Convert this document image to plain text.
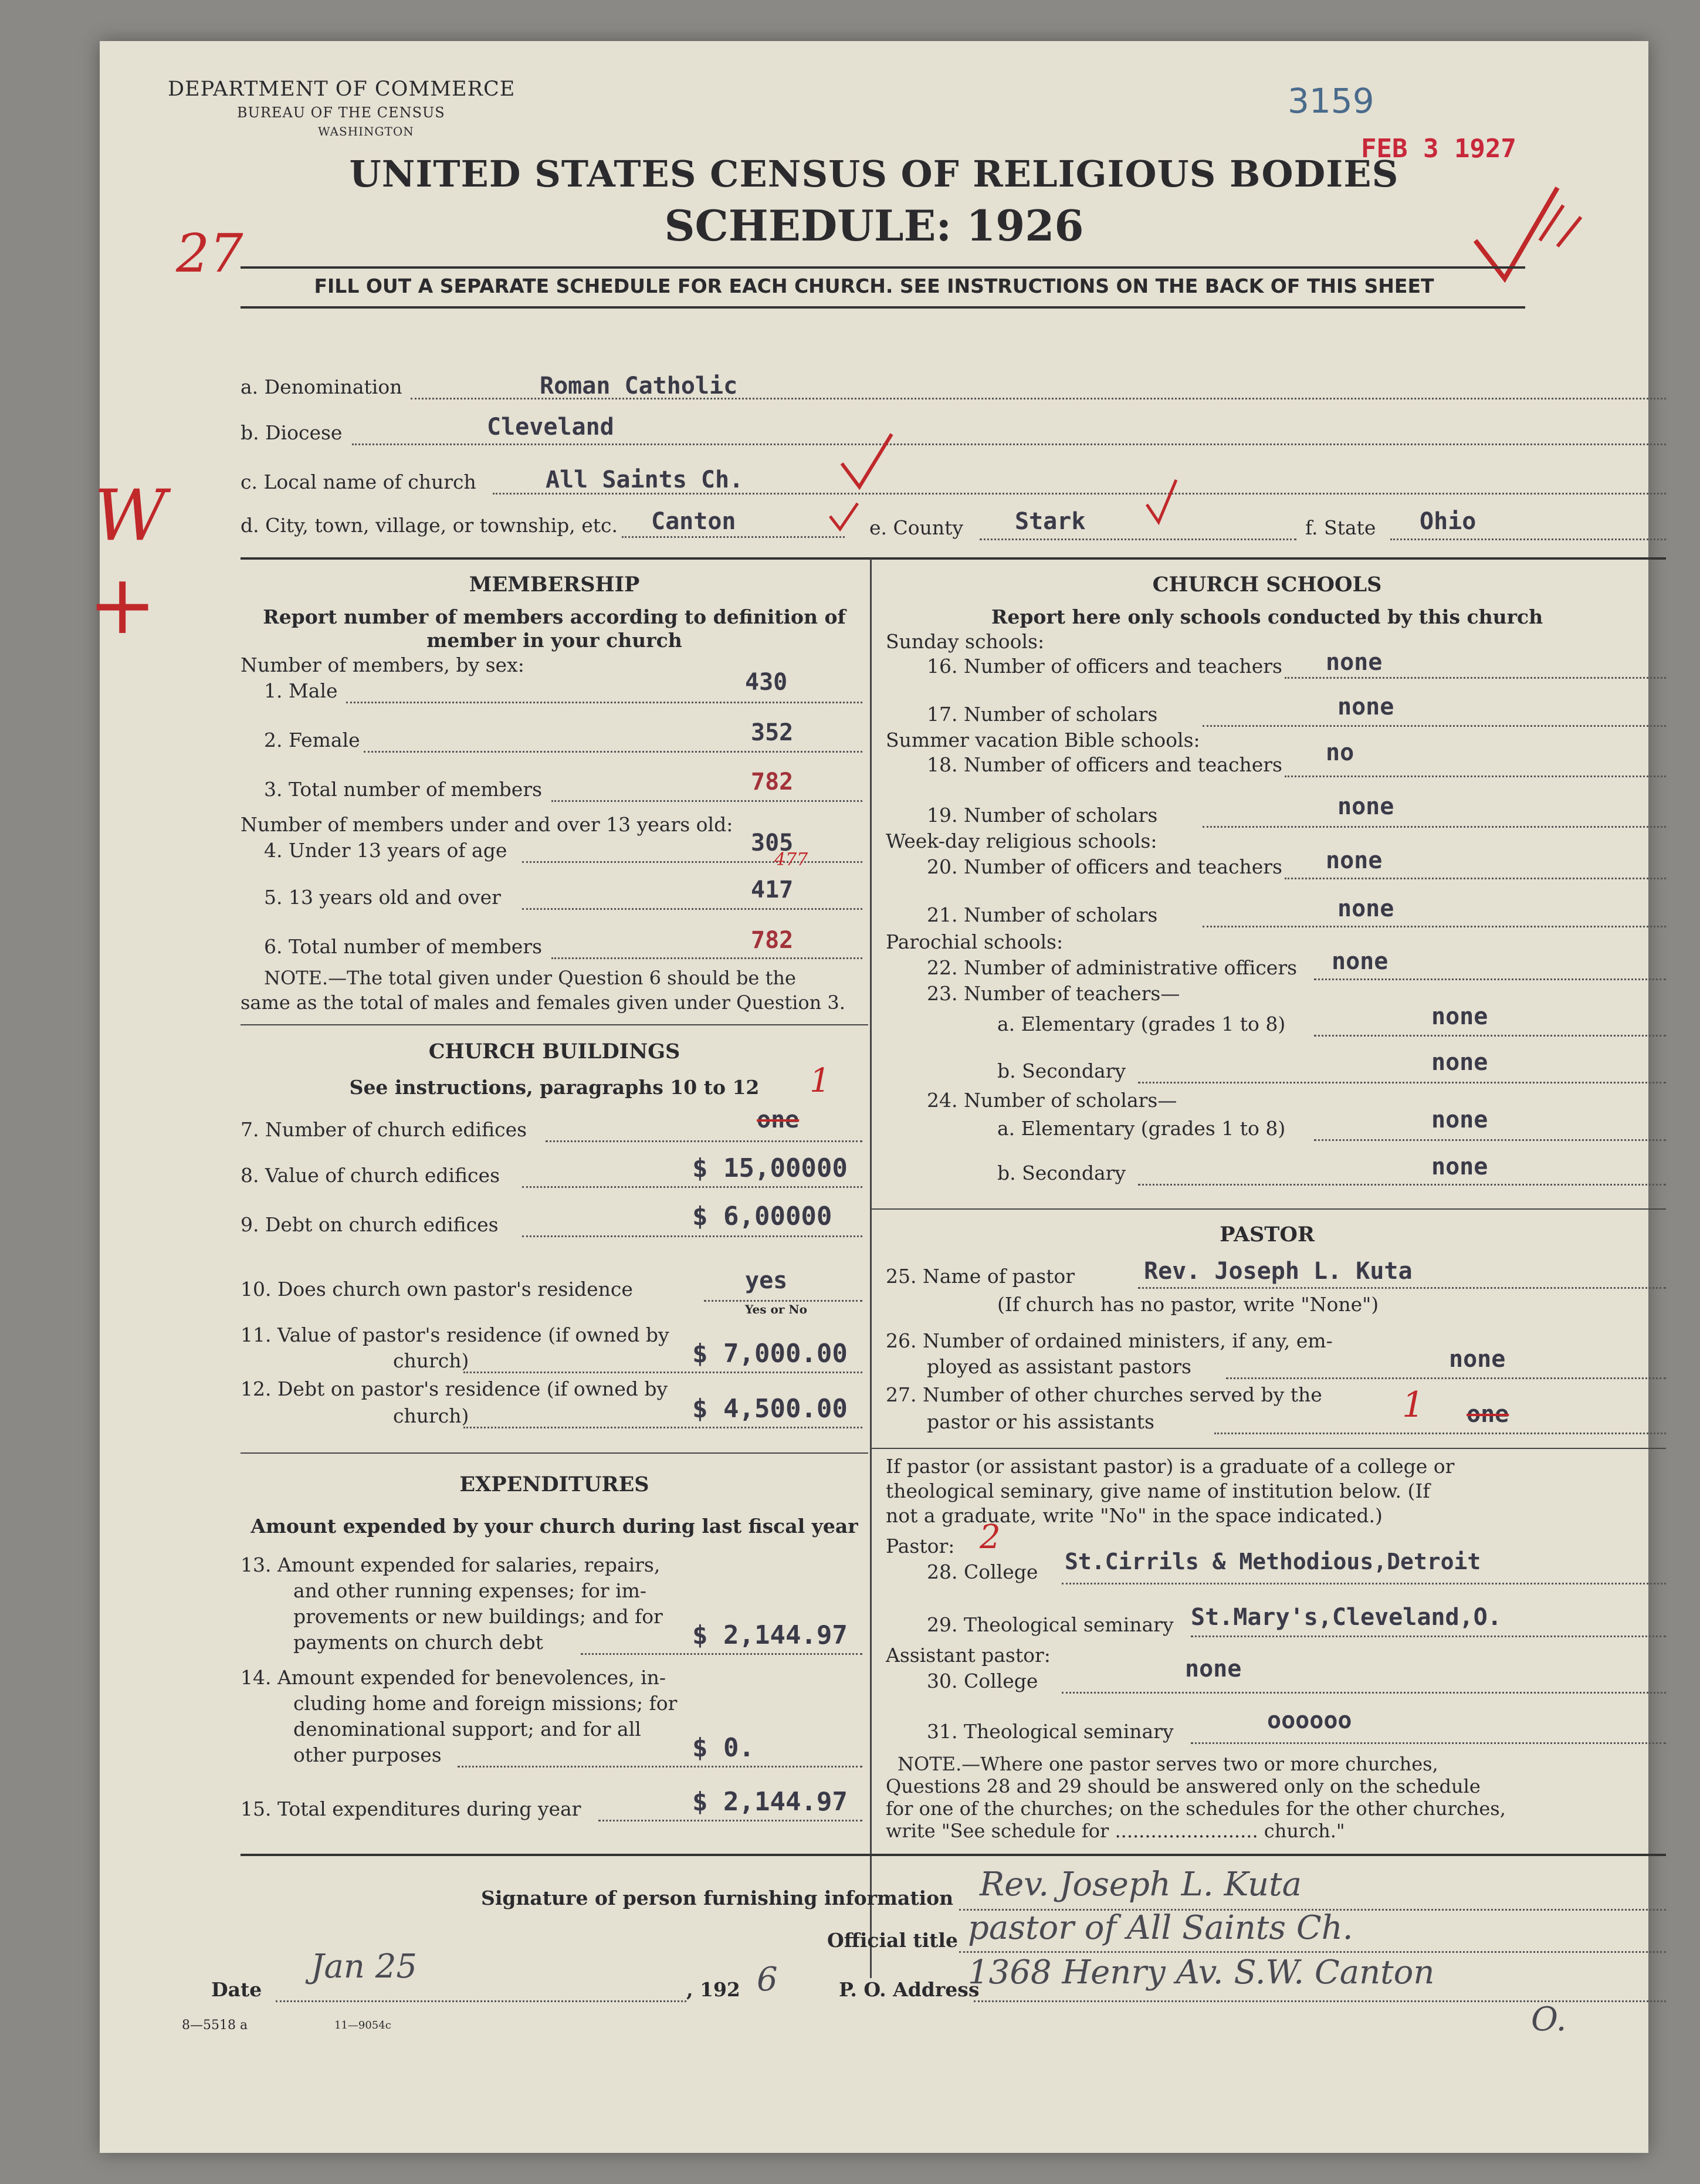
DEPARTMENT OF COMMERCE
BUREAU OF THE CENSUS
WASHINGTON
3159
FEB 3 1927
27
UNITED STATES CENSUS OF RELIGIOUS BODIES
SCHEDULE: 1926
FILL OUT A SEPARATE SCHEDULE FOR EACH CHURCH. SEE INSTRUCTIONS ON THE BACK OF THIS SHEET
W
+
a. Denomination	Roman Catholic
b. Diocese	Cleveland
c. Local name of church	All Saints Ch.
d. City, town, village, or township, etc. Canton	e. County Stark	f. State Ohio
MEMBERSHIP
Report number of members according to definition of
member in your church
Number of members, by sex:
1. Male	430
2. Female	352
3. Total number of members	782
Number of members under and over 13 years old:
4. Under 13 years of age	305
477
5. 13 years old and over	417
6. Total number of members	782
NOTE.—The total given under Question 6 should be the
same as the total of males and females given under Question 3.
CHURCH BUILDINGS
See instructions, paragraphs 10 to 12	1
7. Number of church edifices	one
8. Value of church edifices	$ 15,00000
9. Debt on church edifices	$ 6,00000
10. Does church own pastor's residence	yes
Yes or No
11. Value of pastor's residence (if owned by
church)	$ 7,000.00
12. Debt on pastor's residence (if owned by
church)	$ 4,500.00
EXPENDITURES
Amount expended by your church during last fiscal year
13. Amount expended for salaries, repairs,
and other running expenses; for im-
provements or new buildings; and for
payments on church debt	$ 2,144.97
14. Amount expended for benevolences, in-
cluding home and foreign missions; for
denominational support; and for all
other purposes	$ 0.
15. Total expenditures during year	$ 2,144.97
CHURCH SCHOOLS
Report here only schools conducted by this church
Sunday schools:
16. Number of officers and teachers none
17. Number of scholars	none
Summer vacation Bible schools:
18. Number of officers and teachers no
19. Number of scholars	none
Week-day religious schools:
20. Number of officers and teachers none
21. Number of scholars	none
Parochial schools:
22. Number of administrative officers none
23. Number of teachers—
a. Elementary (grades 1 to 8)	none
b. Secondary	none
24. Number of scholars—
a. Elementary (grades 1 to 8)	none
b. Secondary	none
PASTOR
25. Name of pastor	Rev. Joseph L. Kuta
(If church has no pastor, write "None")
26. Number of ordained ministers, if any, em-
ployed as assistant pastors	none
27. Number of other churches served by the
pastor or his assistants	1 one
If pastor (or assistant pastor) is a graduate of a college or
theological seminary, give name of institution below. (If
not a graduate, write "No" in the space indicated.)
Pastor: 2
28. College St.Cirrils & Methodious,Detroit
29. Theological seminary St.Mary's,Cleveland,O.
Assistant pastor:
30. College	none
31. Theological seminary	oooooo
NOTE.—Where one pastor serves two or more churches,
Questions 28 and 29 should be answered only on the schedule
for one of the churches; on the schedules for the other churches,
write "See schedule for ........................ church."
Signature of person furnishing information Rev. Joseph L. Kuta
Official title pastor of All Saints Ch.
Date
Jan 25
, 192 6	P. O. Address
1368 Henry Av. S.W. Canton
O.
8—5518 a	11—9054c
